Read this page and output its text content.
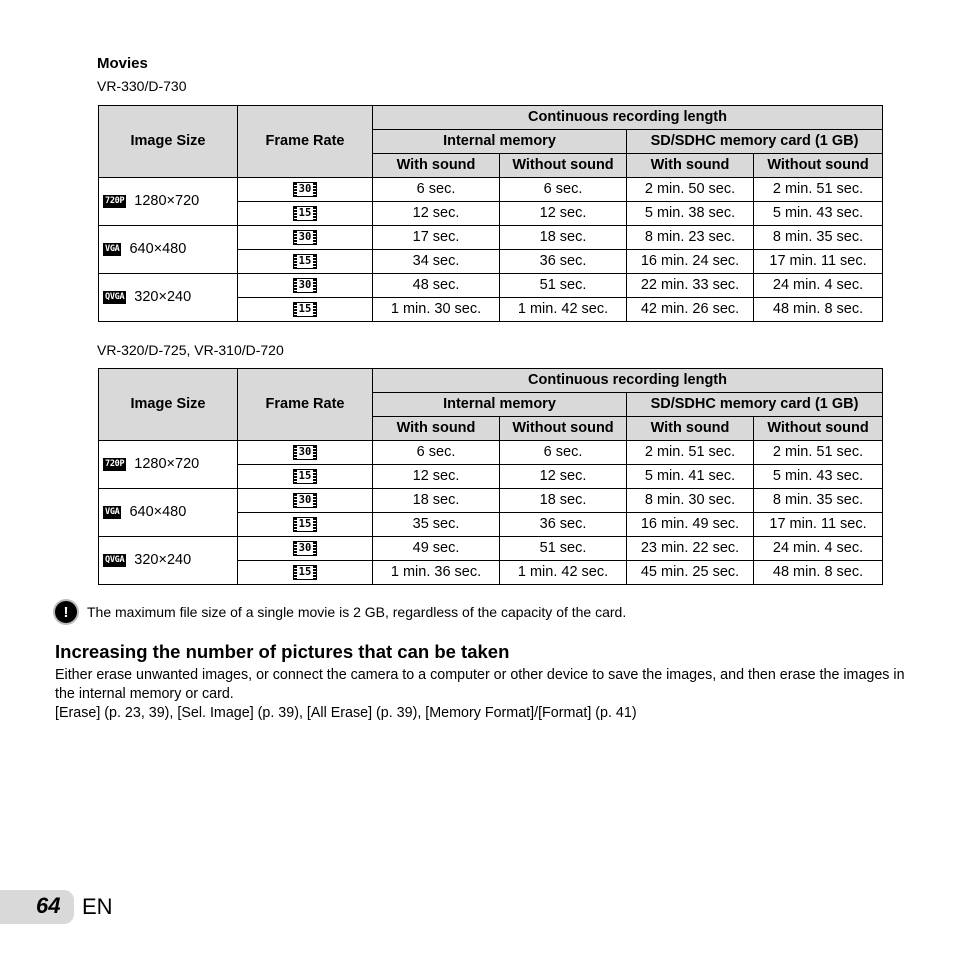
Movies
VR-330/D-730
Image Size	Frame Rate	Continuous recording length			
		Internal memory		SD/SDHC memory card (1 GB)	
		With sound	Without sound	With sound	Without sound
720P 1280×720	30	6 sec.	6 sec.	2 min. 50 sec.	2 min. 51 sec.
	15	12 sec.	12 sec.	5 min. 38 sec.	5 min. 43 sec.
VGA 640×480	30	17 sec.	18 sec.	8 min. 23 sec.	8 min. 35 sec.
	15	34 sec.	36 sec.	16 min. 24 sec.	17 min. 11 sec.
QVGA 320×240	30	48 sec.	51 sec.	22 min. 33 sec.	24 min. 4 sec.
	15	1 min. 30 sec.	1 min. 42 sec.	42 min. 26 sec.	48 min. 8 sec.
VR-320/D-725, VR-310/D-720
Image Size	Frame Rate	Continuous recording length			
		Internal memory		SD/SDHC memory card (1 GB)	
		With sound	Without sound	With sound	Without sound
720P 1280×720	30	6 sec.	6 sec.	2 min. 51 sec.	2 min. 51 sec.
	15	12 sec.	12 sec.	5 min. 41 sec.	5 min. 43 sec.
VGA 640×480	30	18 sec.	18 sec.	8 min. 30 sec.	8 min. 35 sec.
	15	35 sec.	36 sec.	16 min. 49 sec.	17 min. 11 sec.
QVGA 320×240	30	49 sec.	51 sec.	23 min. 22 sec.	24 min. 4 sec.
	15	1 min. 36 sec.	1 min. 42 sec.	45 min. 25 sec.	48 min. 8 sec.
!	The maximum file size of a single movie is 2 GB, regardless of the capacity of the card.
Increasing the number of pictures that can be taken
Either erase unwanted images, or connect the camera to a computer or other device to save the images, and then erase the images in the internal memory or card.
[Erase] (p. 23, 39), [Sel. Image] (p. 39), [All Erase] (p. 39), [Memory Format]/[Format] (p. 41)
64 EN
